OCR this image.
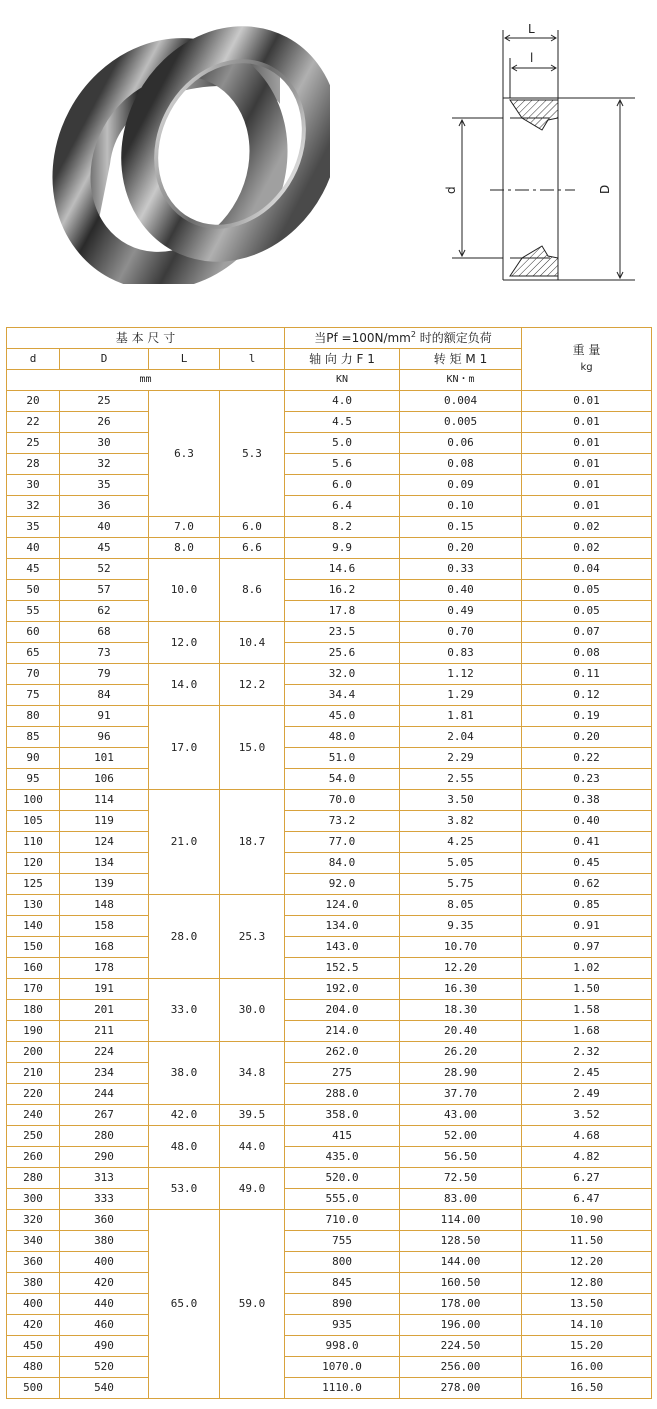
L
l
d	D
基 本 尺 寸				当$Pf =100N/mm^2$ 时的额定负荷		重 量
kg

d	D	L	l	轴 向 力 F 1	转 矩 M 1	
mm				KN	KN・m	
20	25	6.3	5.3	4.0	0.004	0.01
22	26			4.5	0.005	0.01
25	30			5.0	0.06	0.01
28	32			5.6	0.08	0.01
30	35			6.0	0.09	0.01
32	36			6.4	0.10	0.01
35	40	7.0	6.0	8.2	0.15	0.02
40	45	8.0	6.6	9.9	0.20	0.02
45	52	10.0	8.6	14.6	0.33	0.04
50	57			16.2	0.40	0.05
55	62			17.8	0.49	0.05
60	68	12.0	10.4	23.5	0.70	0.07
65	73			25.6	0.83	0.08
70	79	14.0	12.2	32.0	1.12	0.11
75	84			34.4	1.29	0.12
80	91	17.0	15.0	45.0	1.81	0.19
85	96			48.0	2.04	0.20
90	101			51.0	2.29	0.22
95	106			54.0	2.55	0.23
100	114	21.0	18.7	70.0	3.50	0.38
105	119			73.2	3.82	0.40
110	124			77.0	4.25	0.41
120	134			84.0	5.05	0.45
125	139			92.0	5.75	0.62
130	148	28.0	25.3	124.0	8.05	0.85
140	158			134.0	9.35	0.91
150	168			143.0	10.70	0.97
160	178			152.5	12.20	1.02
170	191	33.0	30.0	192.0	16.30	1.50
180	201			204.0	18.30	1.58
190	211			214.0	20.40	1.68
200	224	38.0	34.8	262.0	26.20	2.32
210	234			275	28.90	2.45
220	244			288.0	37.70	2.49
240	267	42.0	39.5	358.0	43.00	3.52
250	280	48.0	44.0	415	52.00	4.68
260	290			435.0	56.50	4.82
280	313	53.0	49.0	520.0	72.50	6.27
300	333			555.0	83.00	6.47
320	360	65.0	59.0	710.0	114.00	10.90
340	380			755	128.50	11.50
360	400			800	144.00	12.20
380	420			845	160.50	12.80
400	440			890	178.00	13.50
420	460			935	196.00	14.10
450	490			998.0	224.50	15.20
480	520			1070.0	256.00	16.00
500	540			1110.0	278.00	16.50
